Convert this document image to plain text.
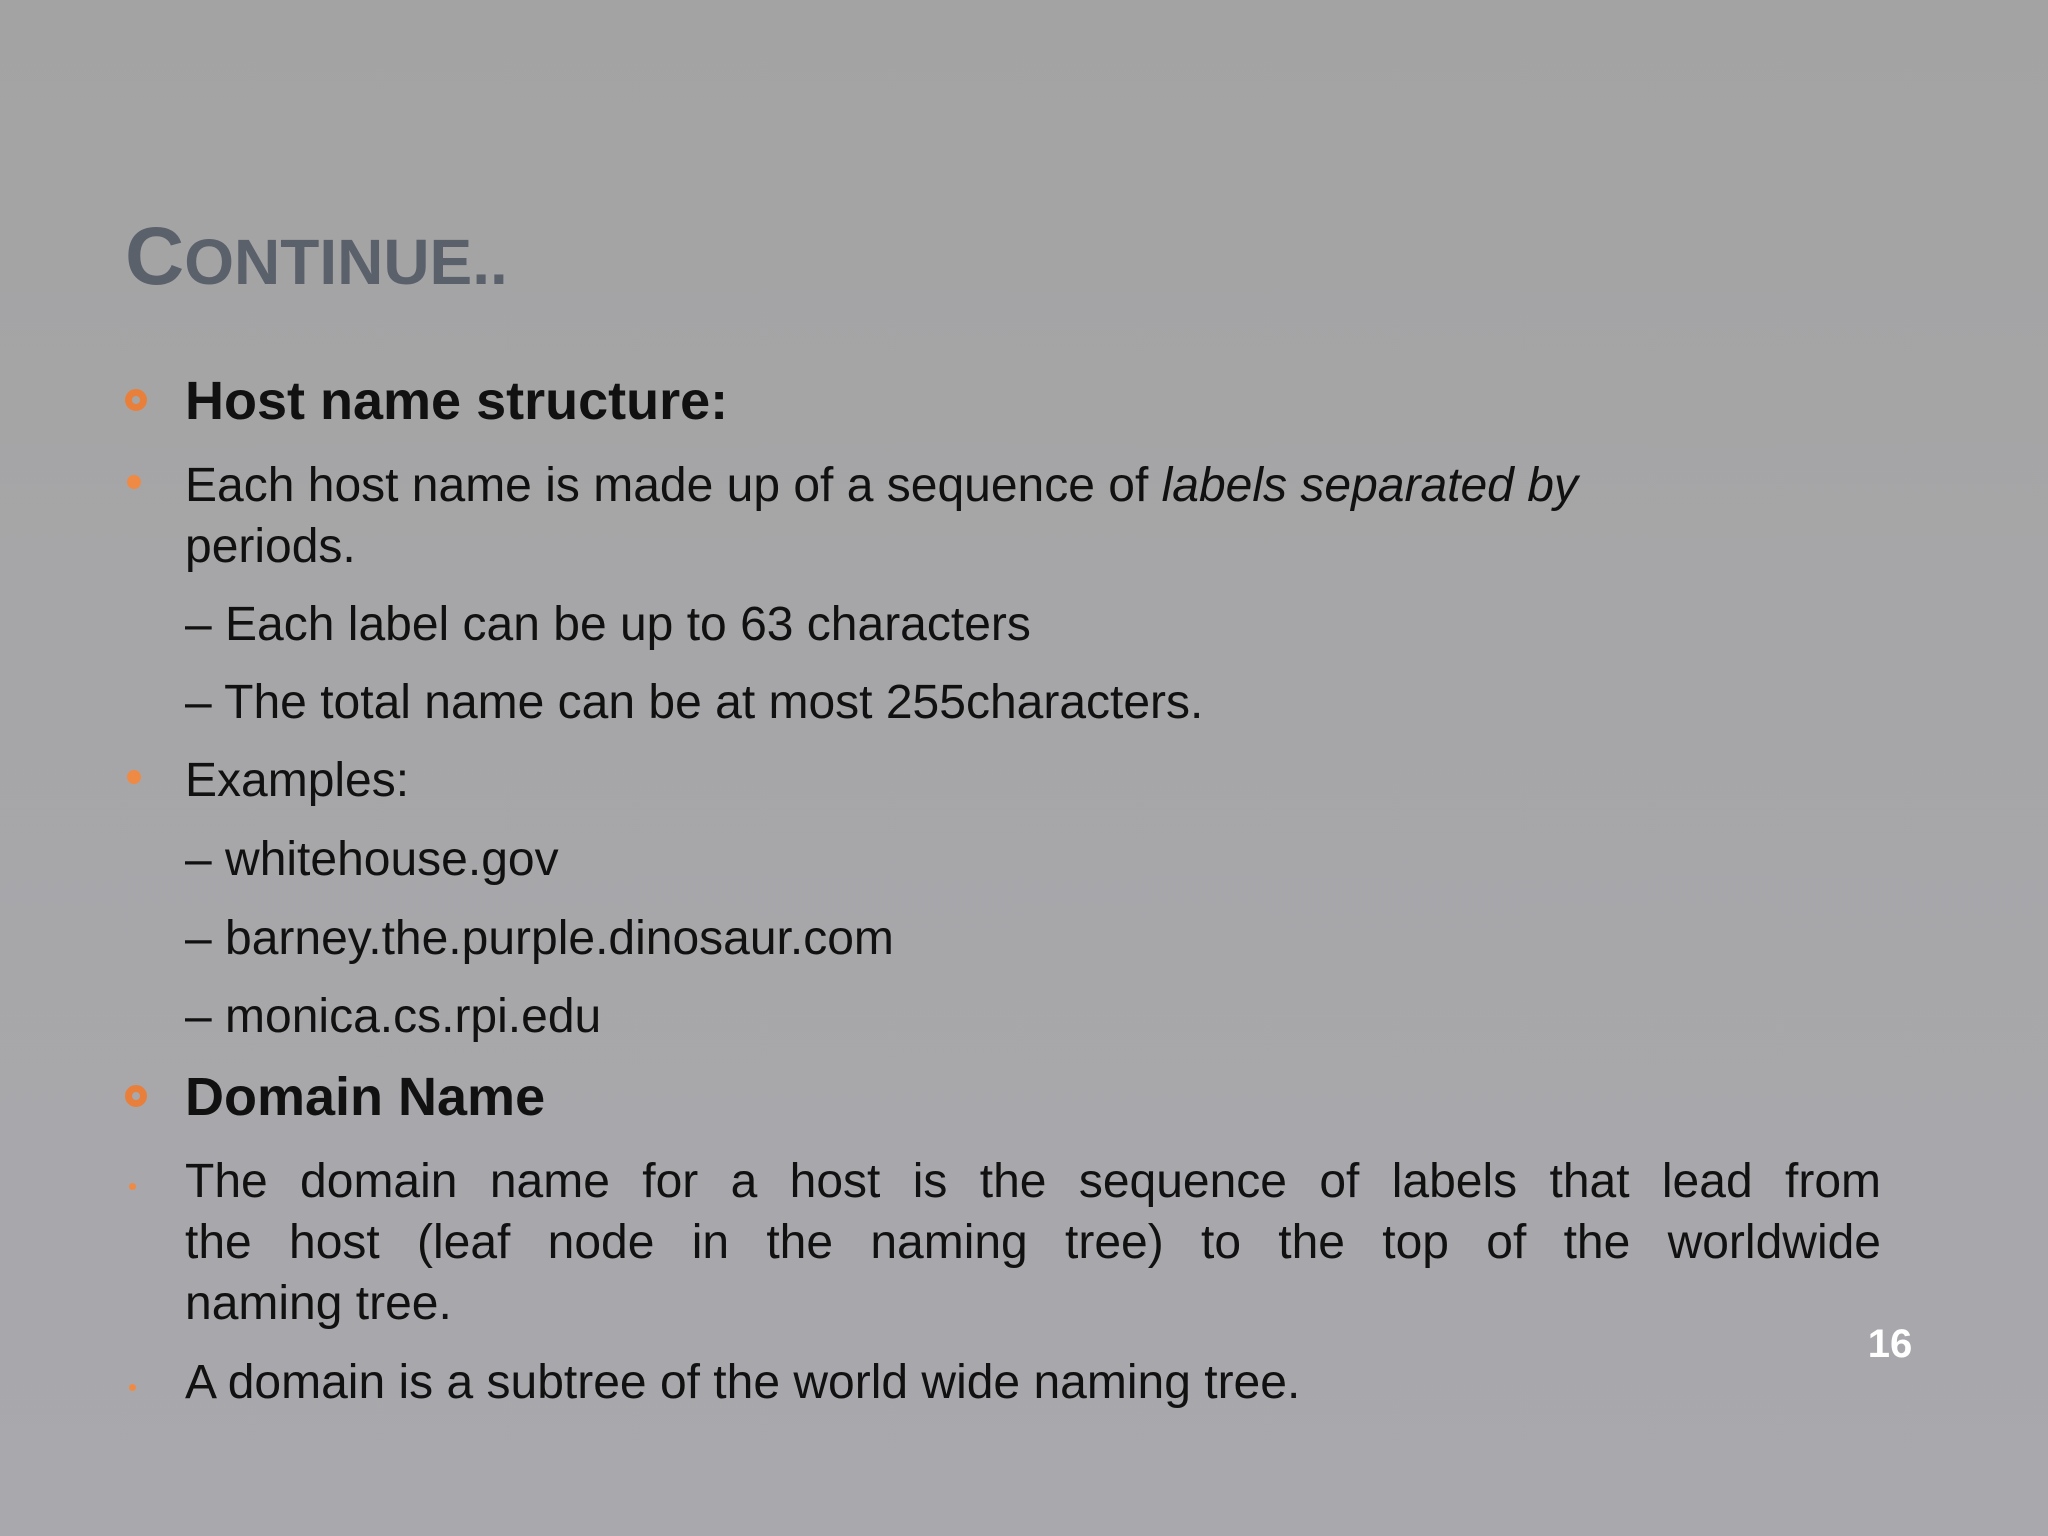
CONTINUE..
Host name structure:
Each host name is made up of a sequence of labels separated by
periods.
– Each label can be up to 63 characters
– The total name can be at most 255characters.
Examples:
– whitehouse.gov
– barney.the.purple.dinosaur.com
– monica.cs.rpi.edu
Domain Name
The domain name for a host is the sequence of labels that lead from
the host (leaf node in the naming tree) to the top of the worldwide
naming tree.
A domain is a subtree of the world wide naming tree.
16
